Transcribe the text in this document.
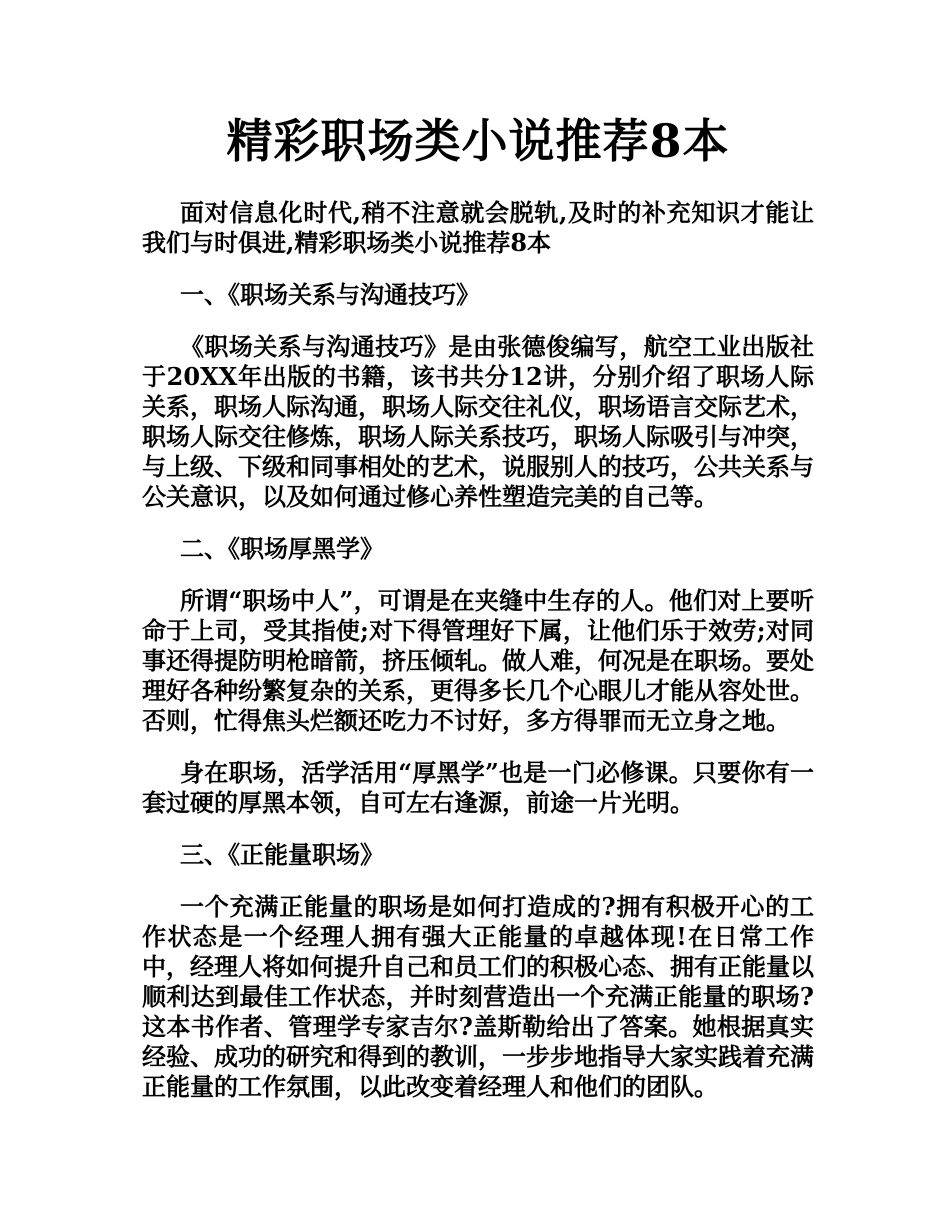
精彩职场类小说推荐8本

面对信息化时代,稍不注意就会脱轨,及时的补充知识才能让我们与时俱进,精彩职场类小说推荐8本

一、《职场关系与沟通技巧》

《职场关系与沟通技巧》是由张德俊编写，航空工业出版社于20XX年出版的书籍，该书共分12讲，分别介绍了职场人际关系，职场人际沟通，职场人际交往礼仪，职场语言交际艺术，职场人际交往修炼，职场人际关系技巧，职场人际吸引与冲突，与上级、下级和同事相处的艺术，说服别人的技巧，公共关系与公关意识，以及如何通过修心养性塑造完美的自己等。

二、《职场厚黑学》

所谓“职场中人”，可谓是在夹缝中生存的人。他们对上要听命于上司，受其指使;对下得管理好下属，让他们乐于效劳;对同事还得提防明枪暗箭，挤压倾轧。做人难，何况是在职场。要处理好各种纷繁复杂的关系，更得多长几个心眼儿才能从容处世。否则，忙得焦头烂额还吃力不讨好，多方得罪而无立身之地。

身在职场，活学活用“厚黑学”也是一门必修课。只要你有一套过硬的厚黑本领，自可左右逢源，前途一片光明。

三、《正能量职场》

一个充满正能量的职场是如何打造成的?拥有积极开心的工作状态是一个经理人拥有强大正能量的卓越体现!在日常工作中，经理人将如何提升自己和员工们的积极心态、拥有正能量以顺利达到最佳工作状态，并时刻营造出一个充满正能量的职场?这本书作者、管理学专家吉尔?盖斯勒给出了答案。她根据真实经验、成功的研究和得到的教训，一步步地指导大家实践着充满正能量的工作氛围，以此改变着经理人和他们的团队。
